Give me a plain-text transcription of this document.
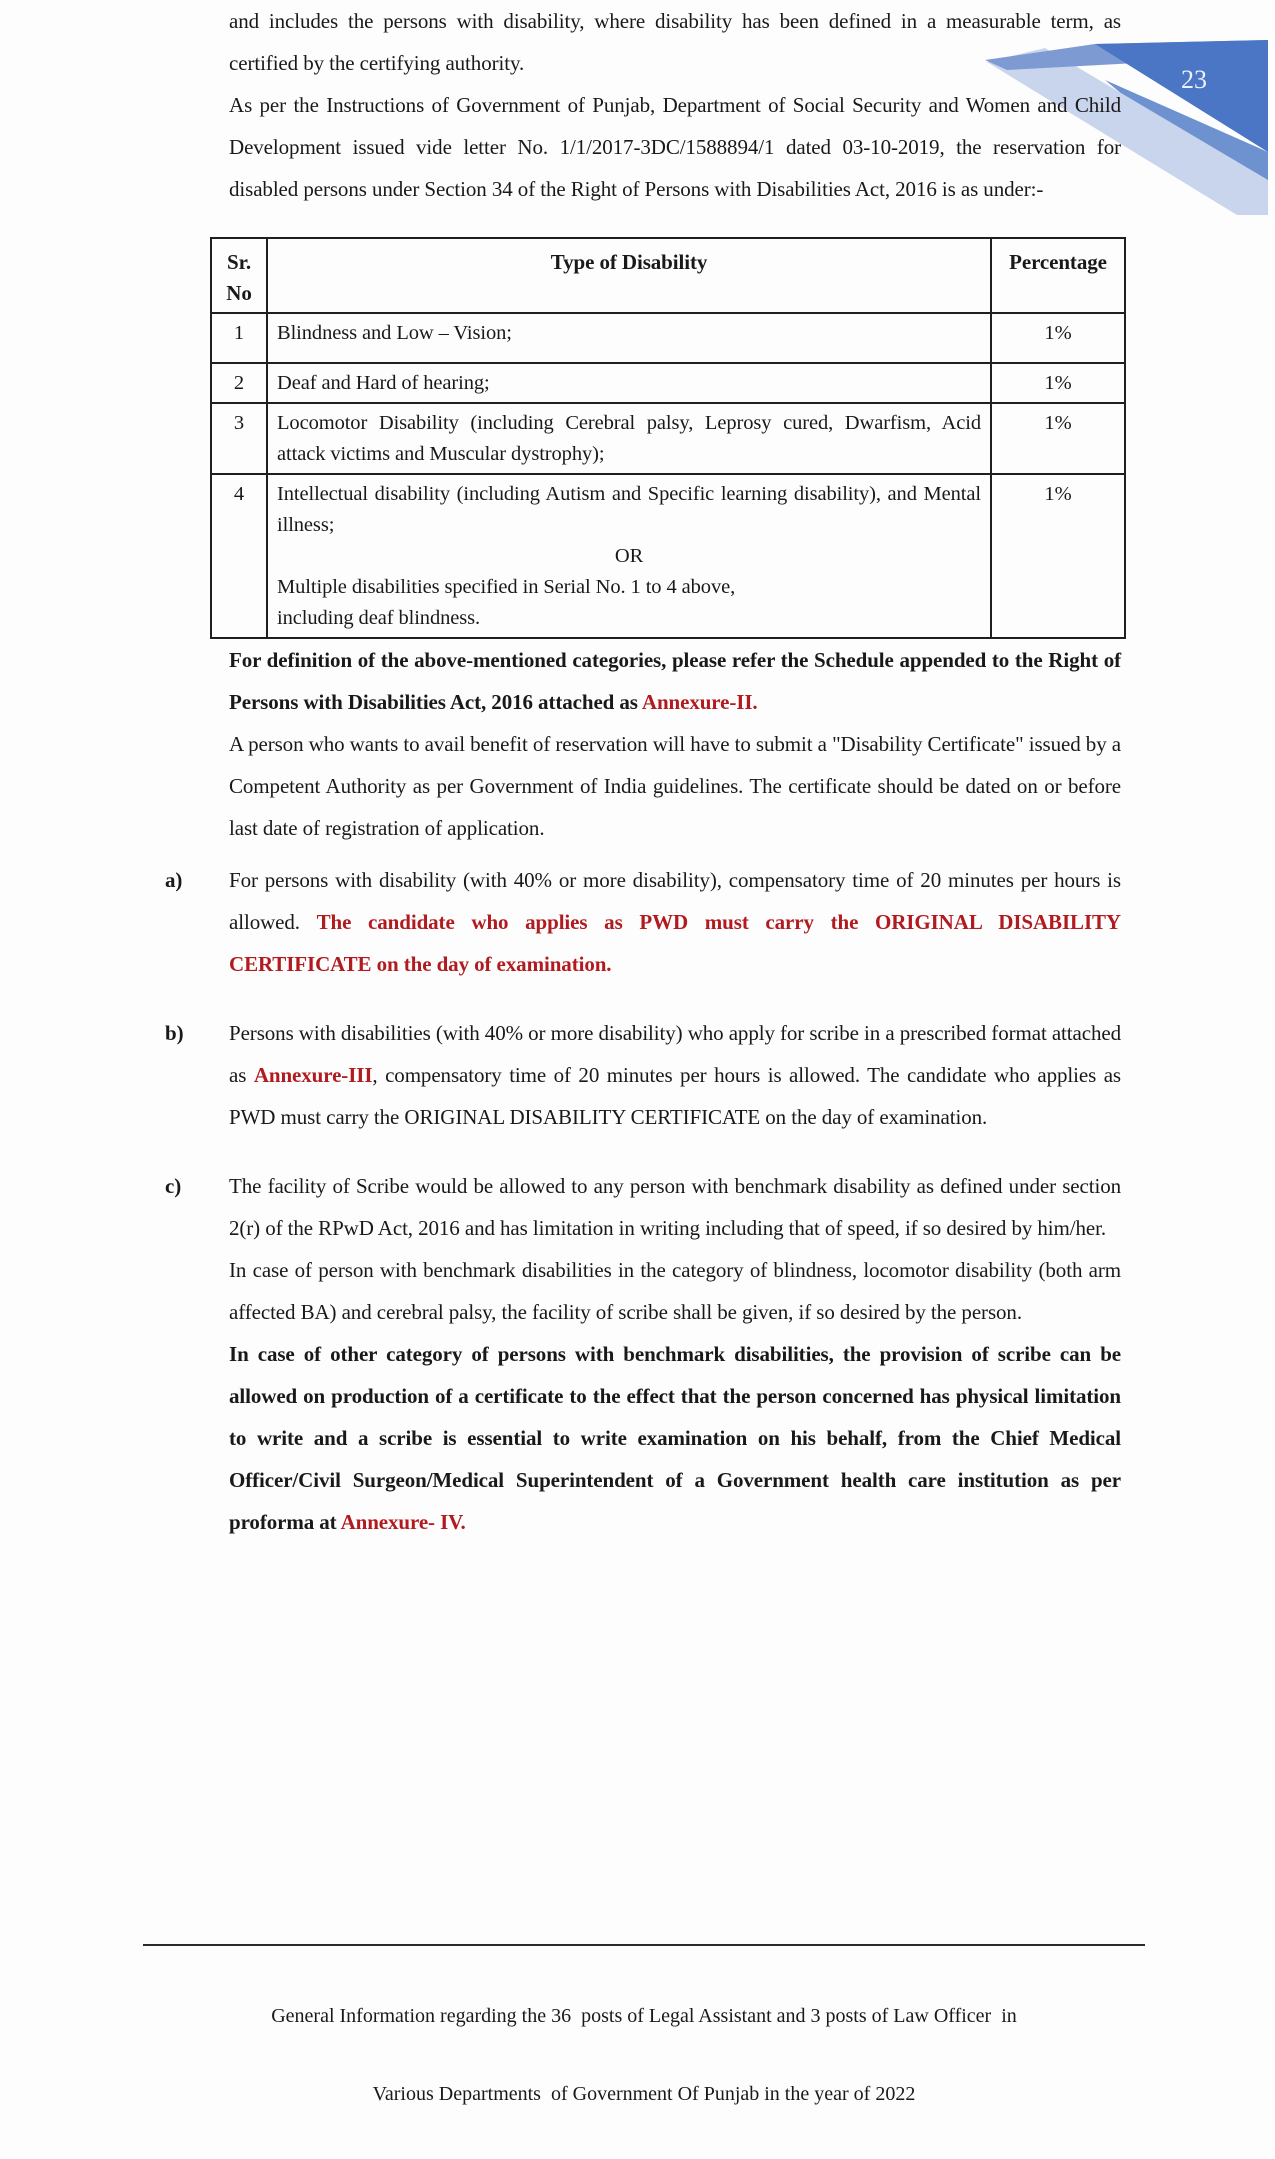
23

and includes the persons with disability, where disability has been defined in a measurable term, as certified by the certifying authority.

As per the Instructions of Government of Punjab, Department of Social Security and Women and Child Development issued vide letter No. 1/1/2017-3DC/1588894/1 dated 03-10-2019, the reservation for disabled persons under Section 34 of the Right of Persons with Disabilities Act, 2016 is as under:-

Sr. No	Type of Disability	Percentage
1	Blindness and Low – Vision;	1%
2	Deaf and Hard of hearing;	1%
3	Locomotor Disability (including Cerebral palsy, Leprosy cured, Dwarfism, Acid attack victims and Muscular dystrophy);	1%
4	Intellectual disability (including Autism and Specific learning disability), and Mental illness;
OR
Multiple disabilities specified in Serial No. 1 to 4 above,
including deaf blindness.	1%

For definition of the above-mentioned categories, please refer the Schedule appended to the Right of Persons with Disabilities Act, 2016 attached as Annexure-II.

A person who wants to avail benefit of reservation will have to submit a "Disability Certificate" issued by a Competent Authority as per Government of India guidelines. The certificate should be dated on or before last date of registration of application.

a) For persons with disability (with 40% or more disability), compensatory time of 20 minutes per hours is allowed. The candidate who applies as PWD must carry the ORIGINAL DISABILITY CERTIFICATE on the day of examination.

b) Persons with disabilities (with 40% or more disability) who apply for scribe in a prescribed format attached as Annexure-III, compensatory time of 20 minutes per hours is allowed. The candidate who applies as PWD must carry the ORIGINAL DISABILITY CERTIFICATE on the day of examination.

c) The facility of Scribe would be allowed to any person with benchmark disability as defined under section 2(r) of the RPwD Act, 2016 and has limitation in writing including that of speed, if so desired by him/her.

In case of person with benchmark disabilities in the category of blindness, locomotor disability (both arm affected BA) and cerebral palsy, the facility of scribe shall be given, if so desired by the person.

In case of other category of persons with benchmark disabilities, the provision of scribe can be allowed on production of a certificate to the effect that the person concerned has physical limitation to write and a scribe is essential to write examination on his behalf, from the Chief Medical Officer/Civil Surgeon/Medical Superintendent of a Government health care institution as per proforma at Annexure- IV.

General Information regarding the 36  posts of Legal Assistant and 3 posts of Law Officer  in

Various Departments  of Government Of Punjab in the year of 2022
